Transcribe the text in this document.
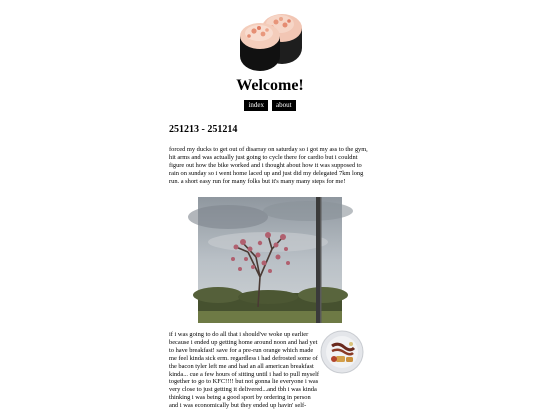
Welcome!
index about
251213 - 251214

forced my ducks to get out of disarray on saturday so i got my ass to the gym, hit arms and was actually just going to cycle there for cardio but i couldnt figure out how the bike worked and i thought about how it was supposed to rain on sunday so i went home laced up and just did my delegated 7km long run. a short easy run for many folks but it's many many steps for me!

if i was going to do all that i should've woke up earlier because i ended up getting home around noon and had yet to have breakfast! save for a pre-run orange which made me feel kinda sick erm. regardless i had defrosted some of the bacon tyler left me and had an all american breakfast kinda... cue a few hours of sitting until i had to pull myself together to go to KFC!!!! but not gonna lie everyone i was very close to just getting it delivered...and tbh i was kinda thinking i was being a good sport by ordering in person and i was economically but they ended up havin' self-
